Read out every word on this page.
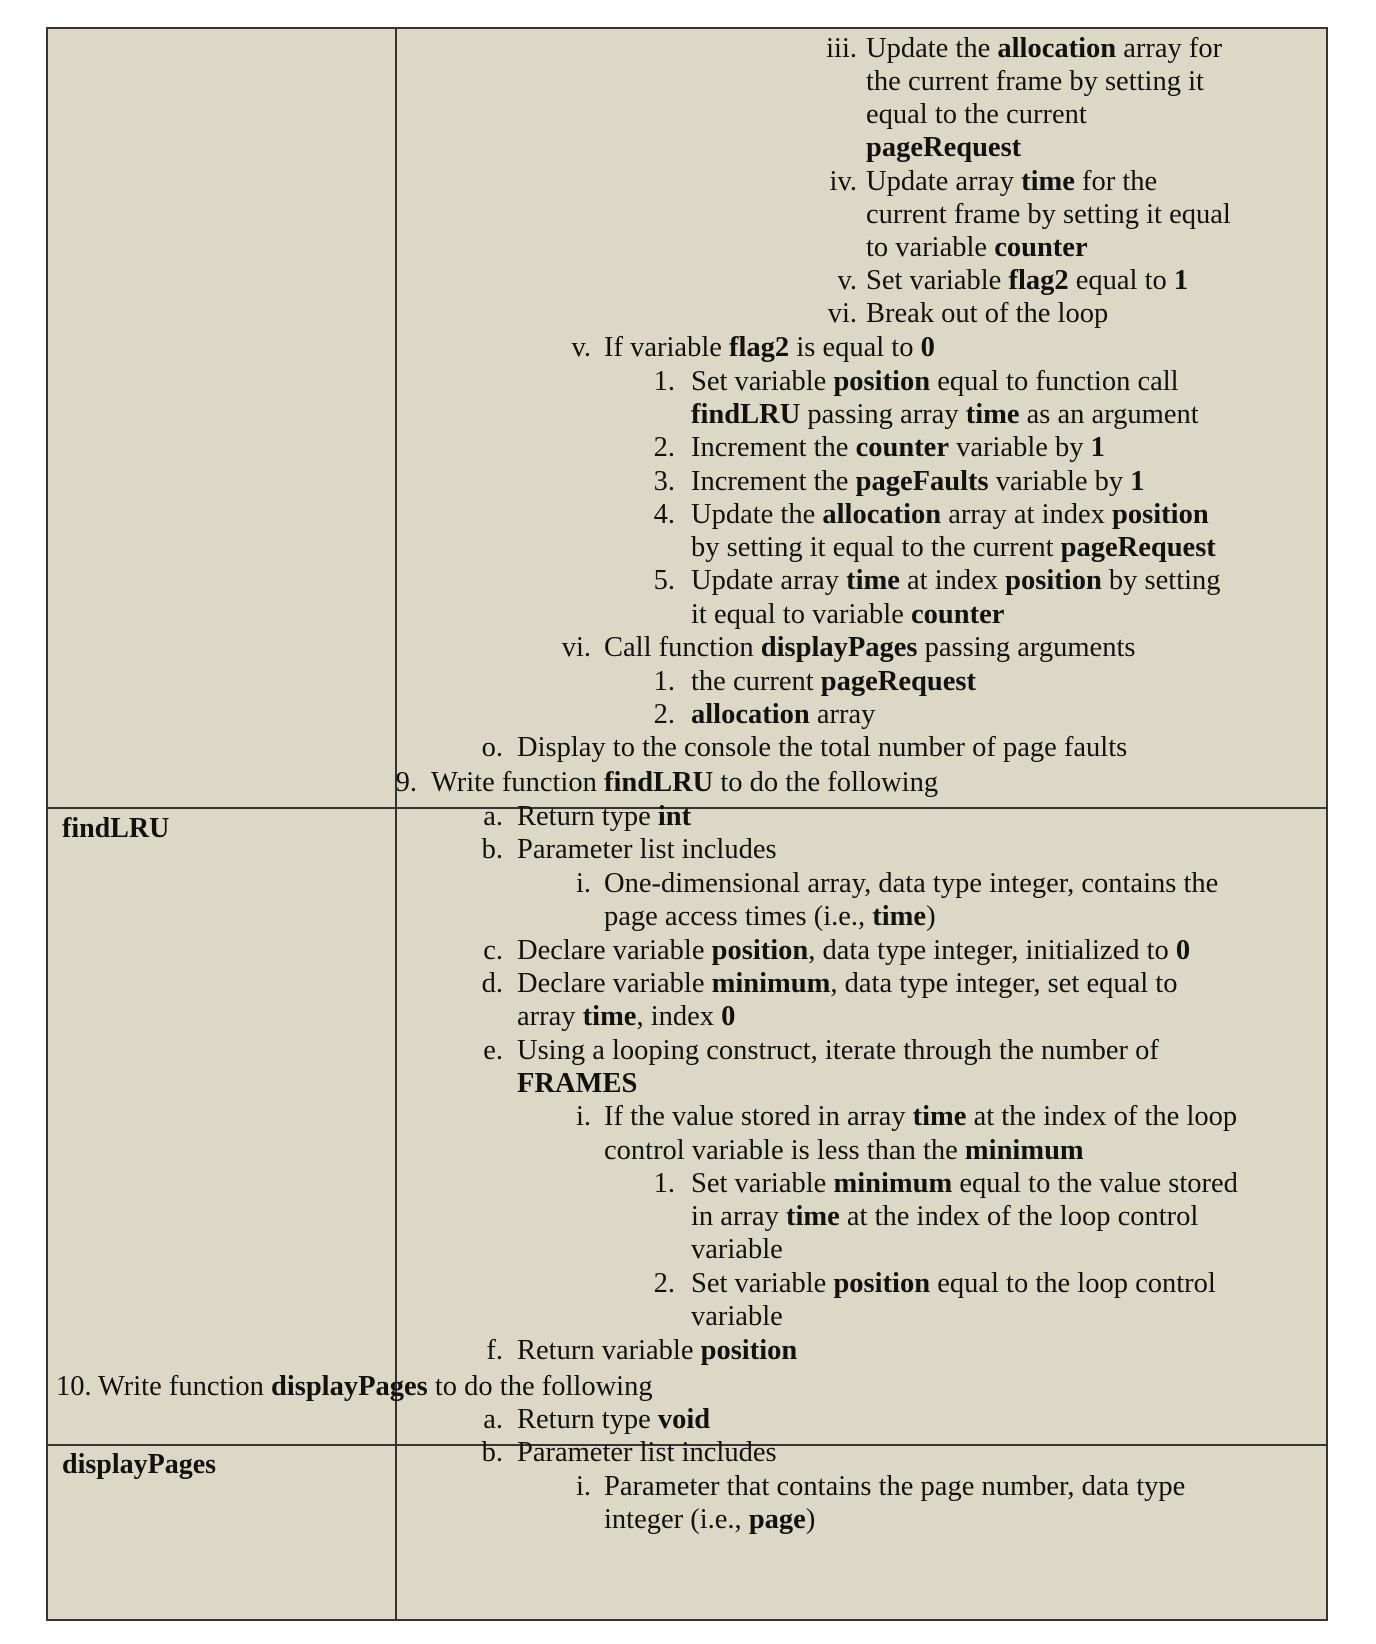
findLRU
displayPages
iii. Update the allocation array for
the current frame by setting it
equal to the current
pageRequest
iv. Update array time for the
current frame by setting it equal
to variable counter
v. Set variable flag2 equal to 1
vi. Break out of the loop
v. If variable flag2 is equal to 0
1. Set variable position equal to function call
findLRU passing array time as an argument
2. Increment the counter variable by 1
3. Increment the pageFaults variable by 1
4. Update the allocation array at index position
by setting it equal to the current pageRequest
5. Update array time at index position by setting
it equal to variable counter
vi. Call function displayPages passing arguments
1. the current pageRequest
2. allocation array
o. Display to the console the total number of page faults
9. Write function findLRU to do the following
a. Return type int
b. Parameter list includes
i. One-dimensional array, data type integer, contains the
page access times (i.e., time)
c. Declare variable position, data type integer, initialized to 0
d. Declare variable minimum, data type integer, set equal to
array time, index 0
e. Using a looping construct, iterate through the number of
FRAMES
i. If the value stored in array time at the index of the loop
control variable is less than the minimum
1. Set variable minimum equal to the value stored
in array time at the index of the loop control
variable
2. Set variable position equal to the loop control
variable
f. Return variable position
10. Write function displayPages to do the following
a. Return type void
b. Parameter list includes
i. Parameter that contains the page number, data type
integer (i.e., page)
